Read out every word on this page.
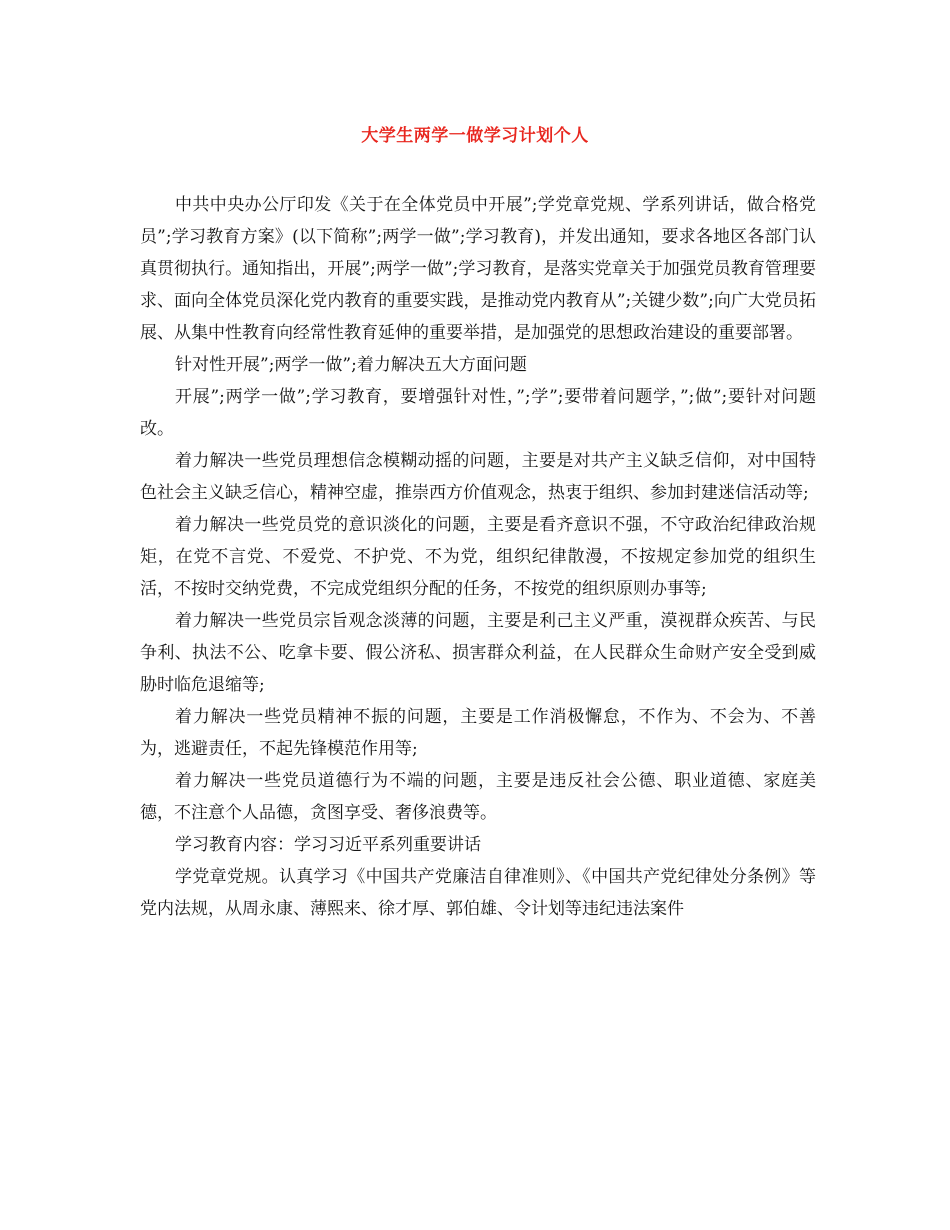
大学生两学一做学习计划个人

中共中央办公厅印发《关于在全体党员中开展”;学党章党规、学系列讲话，做合格党员”;学习教育方案》(以下简称”;两学一做”;学习教育)，并发出通知，要求各地区各部门认真贯彻执行。通知指出，开展”;两学一做”;学习教育，是落实党章关于加强党员教育管理要求、面向全体党员深化党内教育的重要实践，是推动党内教育从”;关键少数”;向广大党员拓展、从集中性教育向经常性教育延伸的重要举措，是加强党的思想政治建设的重要部署。

针对性开展”;两学一做”;着力解决五大方面问题

开展”;两学一做”;学习教育，要增强针对性，”;学”;要带着问题学，”;做”;要针对问题改。

着力解决一些党员理想信念模糊动摇的问题，主要是对共产主义缺乏信仰，对中国特色社会主义缺乏信心，精神空虚，推崇西方价值观念，热衷于组织、参加封建迷信活动等;

着力解决一些党员党的意识淡化的问题，主要是看齐意识不强，不守政治纪律政治规矩，在党不言党、不爱党、不护党、不为党，组织纪律散漫，不按规定参加党的组织生活，不按时交纳党费，不完成党组织分配的任务，不按党的组织原则办事等;

着力解决一些党员宗旨观念淡薄的问题，主要是利己主义严重，漠视群众疾苦、与民争利、执法不公、吃拿卡要、假公济私、损害群众利益，在人民群众生命财产安全受到威胁时临危退缩等;

着力解决一些党员精神不振的问题，主要是工作消极懈怠，不作为、不会为、不善为，逃避责任，不起先锋模范作用等;

着力解决一些党员道德行为不端的问题，主要是违反社会公德、职业道德、家庭美德，不注意个人品德，贪图享受、奢侈浪费等。

学习教育内容：学习习近平系列重要讲话

学党章党规。认真学习《中国共产党廉洁自律准则》、《中国共产党纪律处分条例》等党内法规，从周永康、薄熙来、徐才厚、郭伯雄、令计划等违纪违法案件
